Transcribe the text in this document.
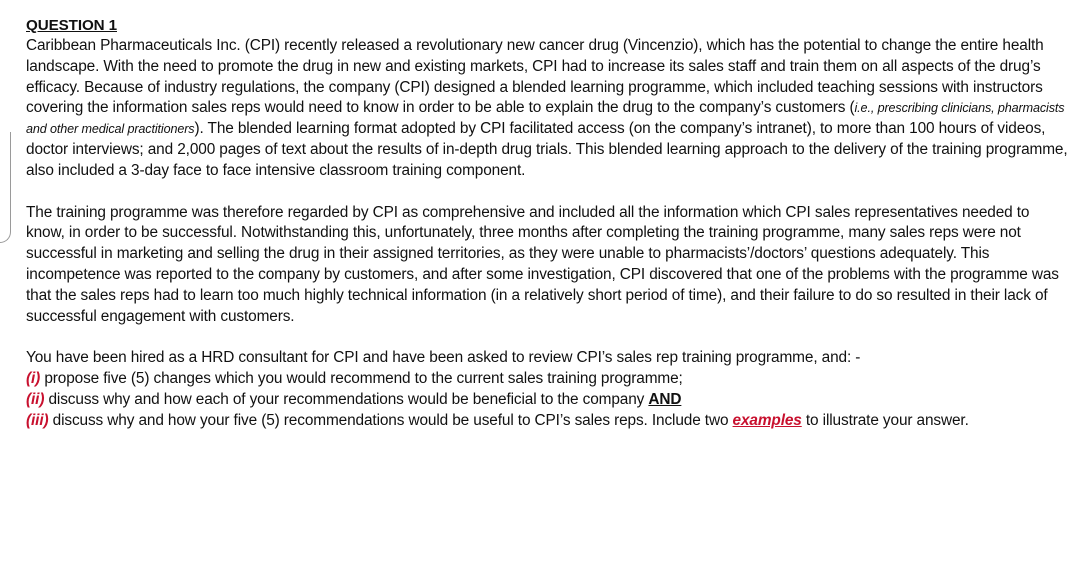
QUESTION 1

Caribbean Pharmaceuticals Inc. (CPI) recently released a revolutionary new cancer drug (Vincenzio), which has the potential to change the entire health landscape. With the need to promote the drug in new and existing markets, CPI had to increase its sales staff and train them on all aspects of the drug’s efficacy. Because of industry regulations, the company (CPI) designed a blended learning programme, which included teaching sessions with instructors covering the information sales reps would need to know in order to be able to explain the drug to the company’s customers (i.e., prescribing clinicians, pharmacists and other medical practitioners). The blended learning format adopted by CPI facilitated access (on the company’s intranet), to more than 100 hours of videos, doctor interviews; and 2,000 pages of text about the results of in-depth drug trials. This blended learning approach to the delivery of the training programme, also included a 3-day face to face intensive classroom training component.

The training programme was therefore regarded by CPI as comprehensive and included all the information which CPI sales representatives needed to know, in order to be successful. Notwithstanding this, unfortunately, three months after completing the training programme, many sales reps were not successful in marketing and selling the drug in their assigned territories, as they were unable to pharmacists’/doctors’ questions adequately. This incompetence was reported to the company by customers, and after some investigation, CPI discovered that one of the problems with the programme was that the sales reps had to learn too much highly technical information (in a relatively short period of time), and their failure to do so resulted in their lack of successful engagement with customers.

You have been hired as a HRD consultant for CPI and have been asked to review CPI’s sales rep training programme, and: -

(i) propose five (5) changes which you would recommend to the current sales training programme;

(ii) discuss why and how each of your recommendations would be beneficial to the company AND

(iii) discuss why and how your five (5) recommendations would be useful to CPI’s sales reps. Include two examples to illustrate your answer.
